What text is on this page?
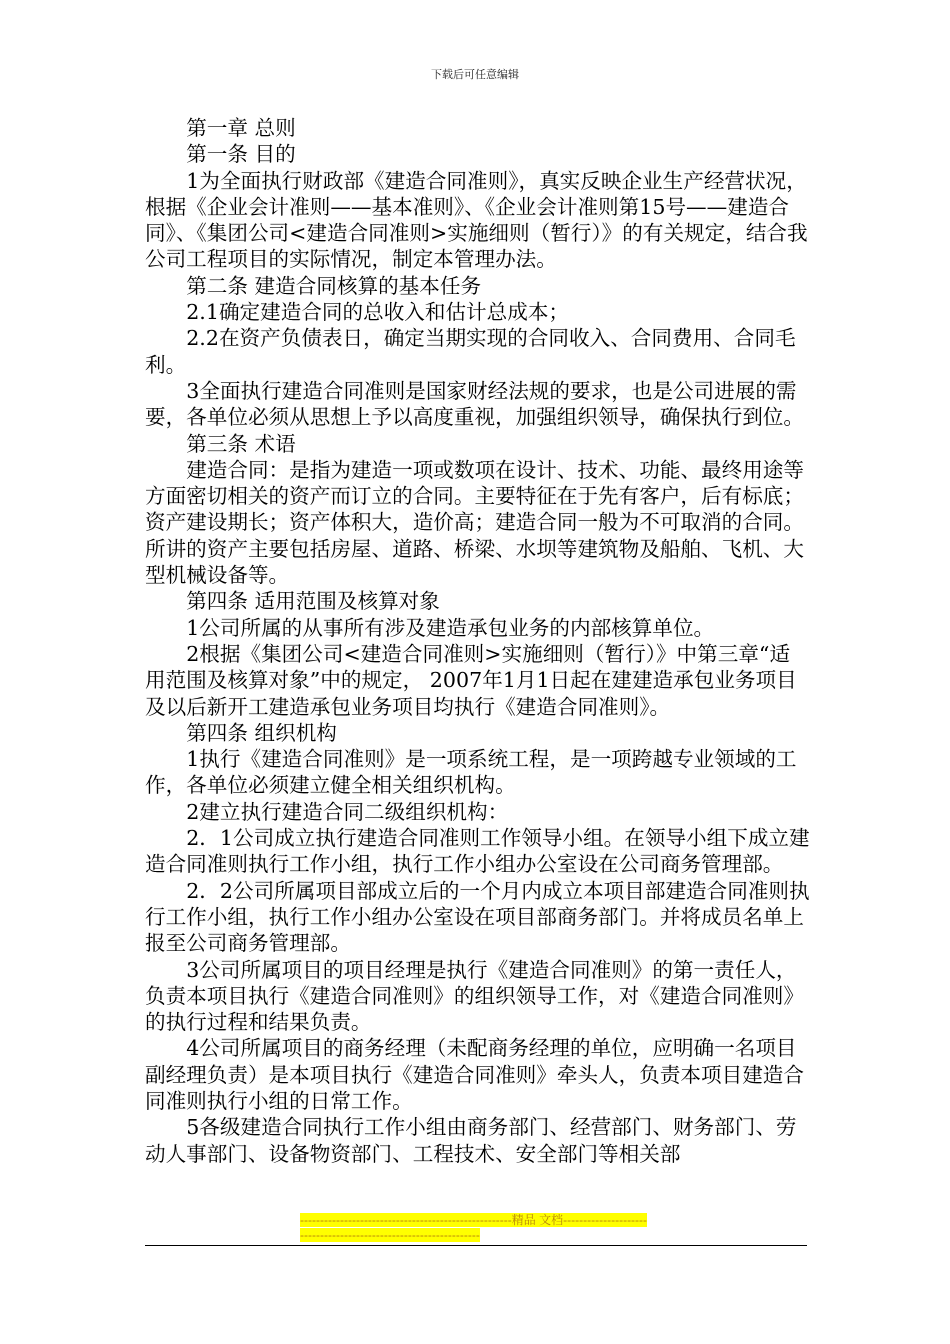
下载后可任意编辑

第一章 总则

第一条 目的

1为全面执行财政部《建造合同准则》，真实反映企业生产经营状况，根据《企业会计准则——基本准则》、《企业会计准则第15号——建造合同》、《集团公司<建造合同准则>实施细则（暂行）》的有关规定，结合我公司工程项目的实际情况，制定本管理办法。

第二条 建造合同核算的基本任务

2.1确定建造合同的总收入和估计总成本；

2.2在资产负债表日，确定当期实现的合同收入、合同费用、合同毛利。

3全面执行建造合同准则是国家财经法规的要求，也是公司进展的需要，各单位必须从思想上予以高度重视，加强组织领导，确保执行到位。

第三条 术语

建造合同：是指为建造一项或数项在设计、技术、功能、最终用途等方面密切相关的资产而订立的合同。主要特征在于先有客户，后有标底；资产建设期长；资产体积大，造价高；建造合同一般为不可取消的合同。所讲的资产主要包括房屋、道路、桥梁、水坝等建筑物及船舶、飞机、大型机械设备等。

第四条 适用范围及核算对象

1公司所属的从事所有涉及建造承包业务的内部核算单位。

2根据《集团公司<建造合同准则>实施细则（暂行）》中第三章“适用范围及核算对象”中的规定， 2007年1月1日起在建建造承包业务项目及以后新开工建造承包业务项目均执行《建造合同准则》。

第四条 组织机构

1执行《建造合同准则》是一项系统工程，是一项跨越专业领域的工作，各单位必须建立健全相关组织机构。

2建立执行建造合同二级组织机构：

2．1公司成立执行建造合同准则工作领导小组。在领导小组下成立建造合同准则执行工作小组，执行工作小组办公室设在公司商务管理部。

2．2公司所属项目部成立后的一个月内成立本项目部建造合同准则执行工作小组，执行工作小组办公室设在项目部商务部门。并将成员名单上报至公司商务管理部。

3公司所属项目的项目经理是执行《建造合同准则》的第一责任人，负责本项目执行《建造合同准则》的组织领导工作，对《建造合同准则》的执行过程和结果负责。

4公司所属项目的商务经理（未配商务经理的单位，应明确一名项目副经理负责）是本项目执行《建造合同准则》牵头人，负责本项目建造合同准则执行小组的日常工作。

5各级建造合同执行工作小组由商务部门、经营部门、财务部门、劳动人事部门、设备物资部门、工程技术、安全部门等相关部

-----------------------------------------------------精品 文档------------------------------------------------------------------
